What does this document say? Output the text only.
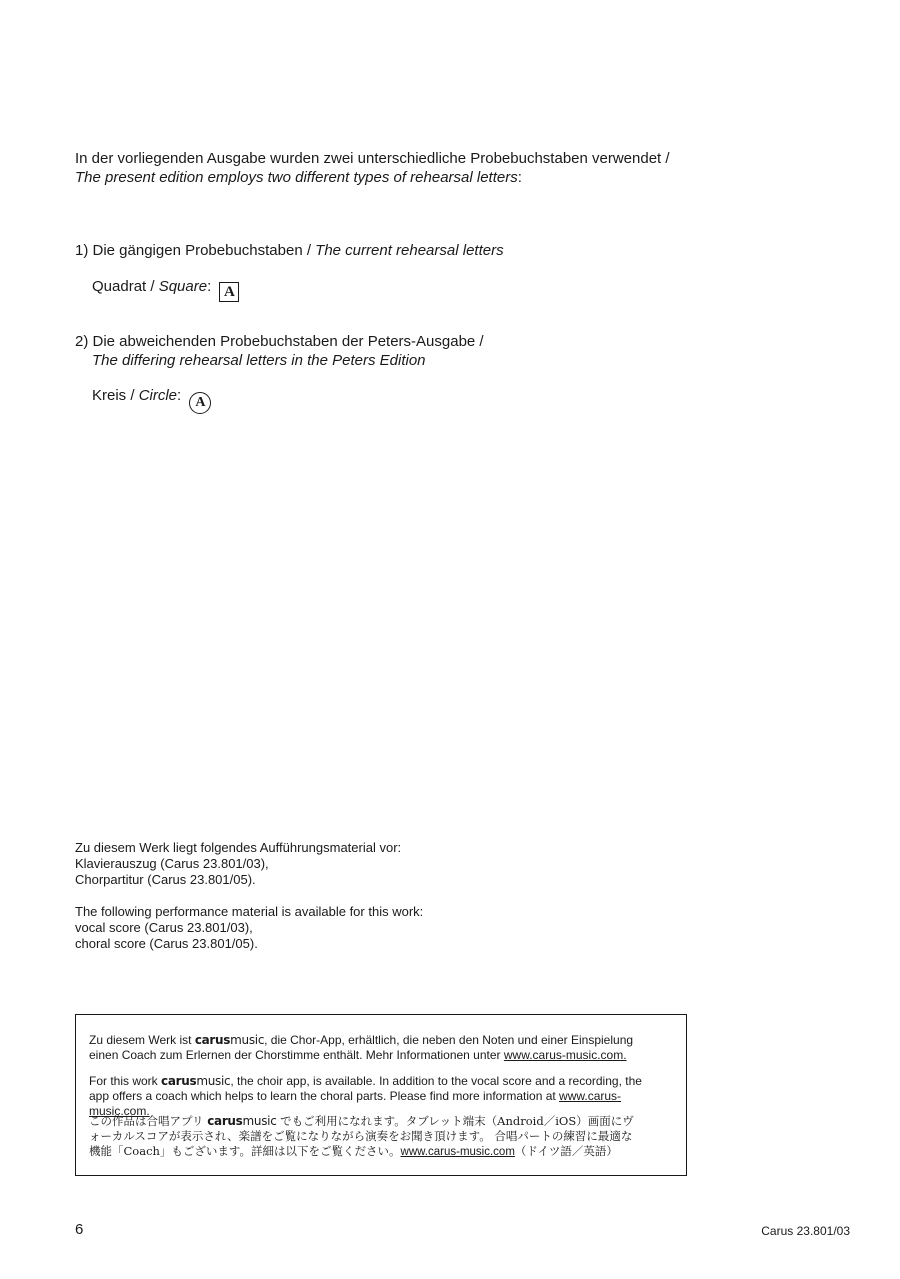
In der vorliegenden Ausgabe wurden zwei unterschiedliche Probebuchstaben verwendet /

The present edition employs two different types of rehearsal letters:

1) Die gängigen Probebuchstaben / The current rehearsal letters

Quadrat / Square: A

2) Die abweichenden Probebuchstaben der Peters-Ausgabe /

The differing rehearsal letters in the Peters Edition

Kreis / Circle: A

Zu diesem Werk liegt folgendes Aufführungsmaterial vor:

Klavierauszug (Carus 23.801/03),

Chorpartitur (Carus 23.801/05).

The following performance material is available for this work:

vocal score (Carus 23.801/03),

choral score (Carus 23.801/05).

Zu diesem Werk ist carusmusic, die Chor-App, erhältlich, die neben den Noten und einer Einspielung

einen Coach zum Erlernen der Chorstimme enthält. Mehr Informationen unter www.carus-music.com.

For this work carusmusic, the choir app, is available. In addition to the vocal score and a recording, the

app offers a coach which helps to learn the choral parts. Please find more information at www.carus-music.com.

この作品は合唱アプリ carusmusic でもご利用になれます。タブレット端末（Android／iOS）画面にヴ

ォーカルスコアが表示され、楽譜をご覧になりながら演奏をお聞き頂けます。 合唱パートの練習に最適な

機能「Coach」もございます。詳細は以下をご覧ください。www.carus-music.com（ドイツ語／英語）

6	Carus 23.801/03
